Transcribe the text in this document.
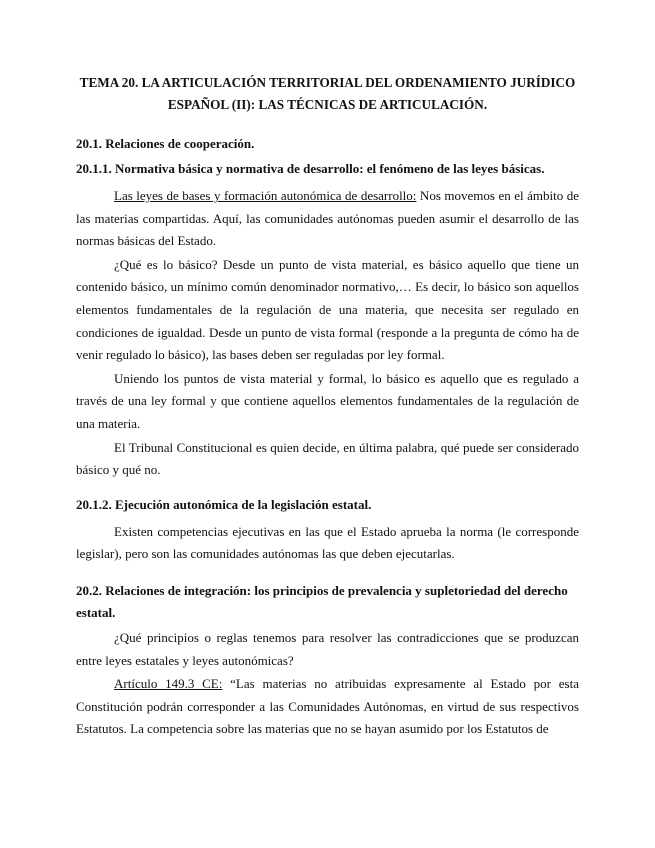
TEMA 20. LA ARTICULACIÓN TERRITORIAL DEL ORDENAMIENTO JURÍDICO
ESPAÑOL (II): LAS TÉCNICAS DE ARTICULACIÓN.
20.1. Relaciones de cooperación.
20.1.1. Normativa básica y normativa de desarrollo: el fenómeno de las leyes básicas.

Las leyes de bases y formación autonómica de desarrollo: Nos movemos en el ámbito de las materias compartidas. Aquí, las comunidades autónomas pueden asumir el desarrollo de las normas básicas del Estado.

¿Qué es lo básico? Desde un punto de vista material, es básico aquello que tiene un contenido básico, un mínimo común denominador normativo,… Es decir, lo básico son aquellos elementos fundamentales de la regulación de una materia, que necesita ser regulado en condiciones de igualdad. Desde un punto de vista formal (responde a la pregunta de cómo ha de venir regulado lo básico), las bases deben ser reguladas por ley formal.

Uniendo los puntos de vista material y formal, lo básico es aquello que es regulado a través de una ley formal y que contiene aquellos elementos fundamentales de la regulación de una materia.

El Tribunal Constitucional es quien decide, en última palabra, qué puede ser considerado básico y qué no.

20.1.2. Ejecución autonómica de la legislación estatal.

Existen competencias ejecutivas en las que el Estado aprueba la norma (le corresponde legislar), pero son las comunidades autónomas las que deben ejecutarlas.

20.2. Relaciones de integración: los principios de prevalencia y supletoriedad del derecho estatal.

¿Qué principios o reglas tenemos para resolver las contradicciones que se produzcan entre leyes estatales y leyes autonómicas?

Artículo 149.3 CE: “Las materias no atribuidas expresamente al Estado por esta Constitución podrán corresponder a las Comunidades Autónomas, en virtud de sus respectivos Estatutos. La competencia sobre las materias que no se hayan asumido por los Estatutos de
